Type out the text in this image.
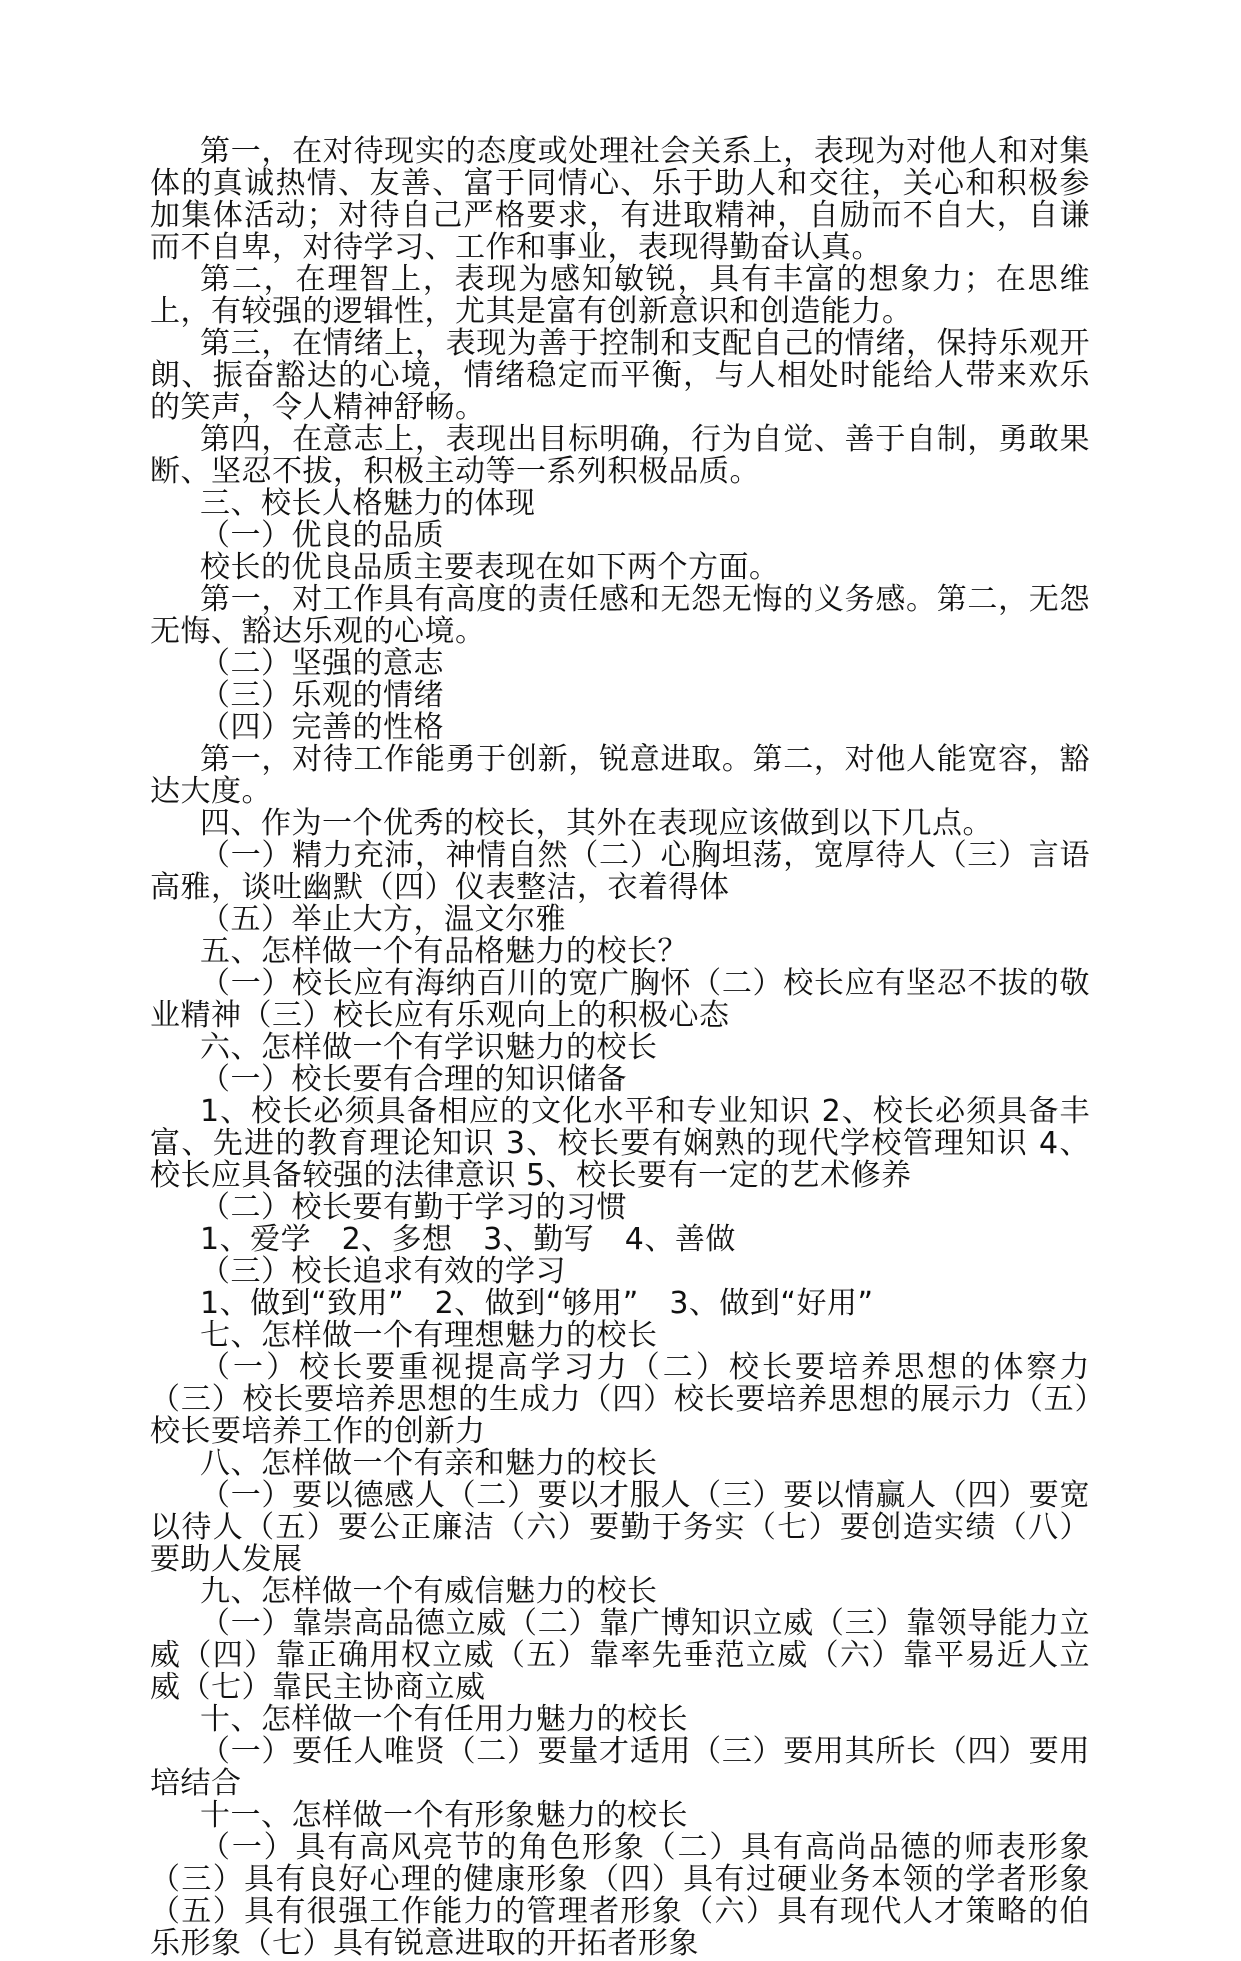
第一，在对待现实的态度或处理社会关系上，表现为对他人和对集体的真诚热情、友善、富于同情心、乐于助人和交往，关心和积极参加集体活动；对待自己严格要求，有进取精神，自励而不自大，自谦而不自卑，对待学习、工作和事业，表现得勤奋认真。

第二，在理智上，表现为感知敏锐，具有丰富的想象力；在思维上，有较强的逻辑性，尤其是富有创新意识和创造能力。

第三，在情绪上，表现为善于控制和支配自己的情绪，保持乐观开朗、振奋豁达的心境，情绪稳定而平衡，与人相处时能给人带来欢乐的笑声，令人精神舒畅。

第四，在意志上，表现出目标明确，行为自觉、善于自制，勇敢果断、坚忍不拔，积极主动等一系列积极品质。

三、校长人格魅力的体现

（一）优良的品质

校长的优良品质主要表现在如下两个方面。

第一，对工作具有高度的责任感和无怨无悔的义务感。第二，无怨无悔、豁达乐观的心境。

（二）坚强的意志

（三）乐观的情绪

（四）完善的性格

第一，对待工作能勇于创新，锐意进取。第二，对他人能宽容，豁达大度。

四、作为一个优秀的校长，其外在表现应该做到以下几点。

（一）精力充沛，神情自然（二）心胸坦荡，宽厚待人（三）言语高雅，谈吐幽默（四）仪表整洁，衣着得体

（五）举止大方，温文尔雅

五、怎样做一个有品格魅力的校长？

（一）校长应有海纳百川的宽广胸怀（二）校长应有坚忍不拔的敬业精神（三）校长应有乐观向上的积极心态

六、怎样做一个有学识魅力的校长

（一）校长要有合理的知识储备

1、校长必须具备相应的文化水平和专业知识 2、校长必须具备丰富、先进的教育理论知识 3、校长要有娴熟的现代学校管理知识 4、校长应具备较强的法律意识 5、校长要有一定的艺术修养

（二）校长要有勤于学习的习惯

1、爱学　2、多想　3、勤写　4、善做

（三）校长追求有效的学习

1、做到“致用”　2、做到“够用”　3、做到“好用”

七、怎样做一个有理想魅力的校长

（一）校长要重视提高学习力（二）校长要培养思想的体察力（三）校长要培养思想的生成力（四）校长要培养思想的展示力（五）校长要培养工作的创新力

八、怎样做一个有亲和魅力的校长

（一）要以德感人（二）要以才服人（三）要以情赢人（四）要宽以待人（五）要公正廉洁（六）要勤于务实（七）要创造实绩（八）要助人发展

九、怎样做一个有威信魅力的校长

（一）靠崇高品德立威（二）靠广博知识立威（三）靠领导能力立威（四）靠正确用权立威（五）靠率先垂范立威（六）靠平易近人立威（七）靠民主协商立威

十、怎样做一个有任用力魅力的校长

（一）要任人唯贤（二）要量才适用（三）要用其所长（四）要用培结合

十一、怎样做一个有形象魅力的校长

（一）具有高风亮节的角色形象（二）具有高尚品德的师表形象（三）具有良好心理的健康形象（四）具有过硬业务本领的学者形象（五）具有很强工作能力的管理者形象（六）具有现代人才策略的伯乐形象（七）具有锐意进取的开拓者形象
